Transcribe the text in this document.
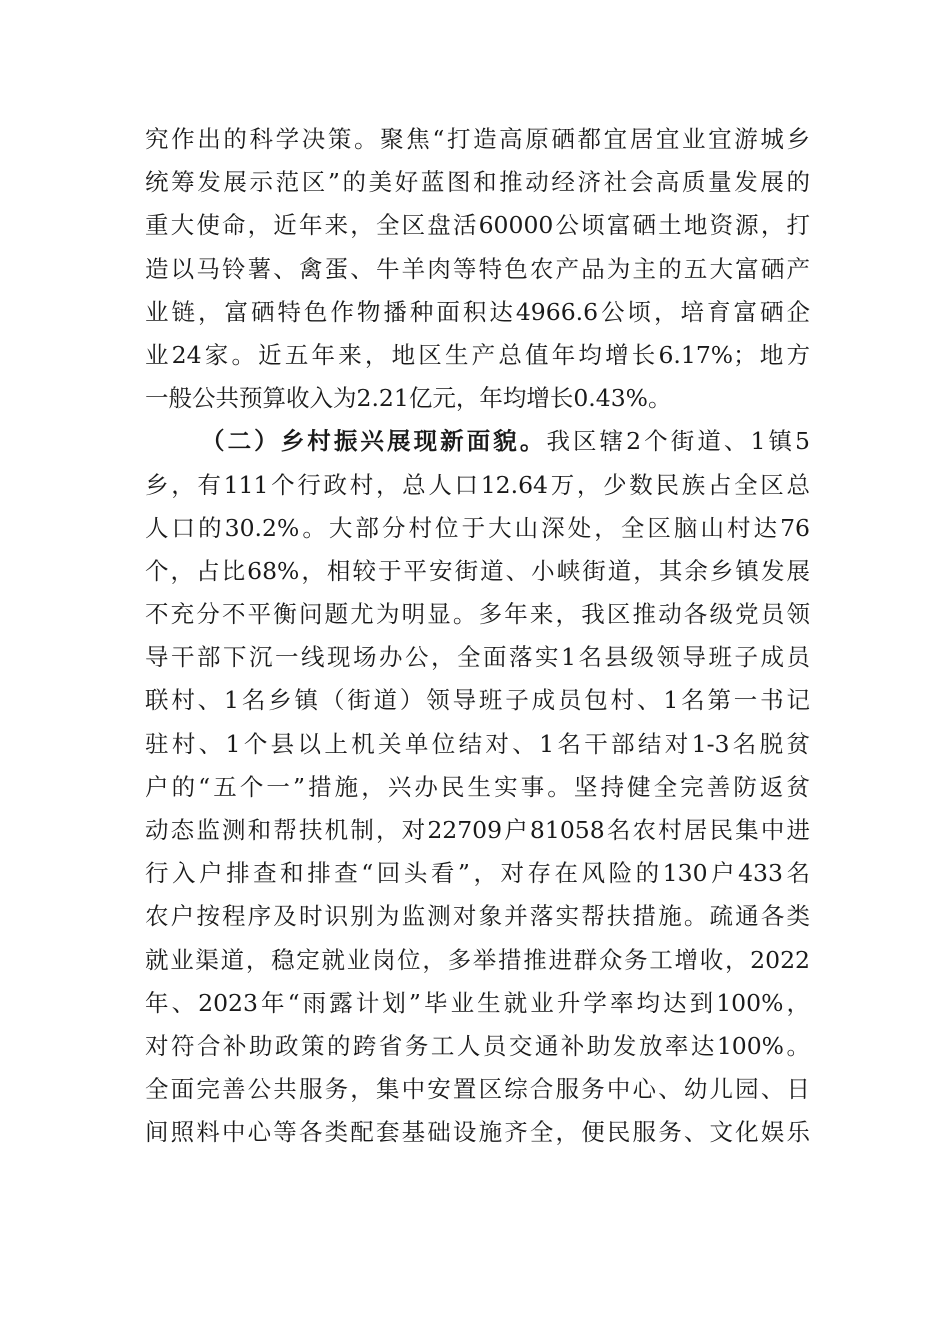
究作出的科学决策。聚焦“打造高原硒都宜居宜业宜游城乡
统筹发展示范区”的美好蓝图和推动经济社会高质量发展的
重大使命，近年来，全区盘活60000公顷富硒土地资源，打
造以马铃薯、禽蛋、牛羊肉等特色农产品为主的五大富硒产
业链，富硒特色作物播种面积达4966.6公顷，培育富硒企
业24家。近五年来，地区生产总值年均增长6.17%；地方
一般公共预算收入为2.21亿元，年均增长0.43%。
（二）乡村振兴展现新面貌。我区辖2个街道、1镇5
乡，有111个行政村，总人口12.64万，少数民族占全区总
人口的30.2%。大部分村位于大山深处，全区脑山村达76
个，占比68%，相较于平安街道、小峡街道，其余乡镇发展
不充分不平衡问题尤为明显。多年来，我区推动各级党员领
导干部下沉一线现场办公，全面落实1名县级领导班子成员
联村、1名乡镇（街道）领导班子成员包村、1名第一书记
驻村、1个县以上机关单位结对、1名干部结对1-3名脱贫
户的“五个一”措施，兴办民生实事。坚持健全完善防返贫
动态监测和帮扶机制，对22709户81058名农村居民集中进
行入户排查和排查“回头看”，对存在风险的130户433名
农户按程序及时识别为监测对象并落实帮扶措施。疏通各类
就业渠道，稳定就业岗位，多举措推进群众务工增收，2022
年、2023年“雨露计划”毕业生就业升学率均达到100%，
对符合补助政策的跨省务工人员交通补助发放率达100%。
全面完善公共服务，集中安置区综合服务中心、幼儿园、日
间照料中心等各类配套基础设施齐全，便民服务、文化娱乐
